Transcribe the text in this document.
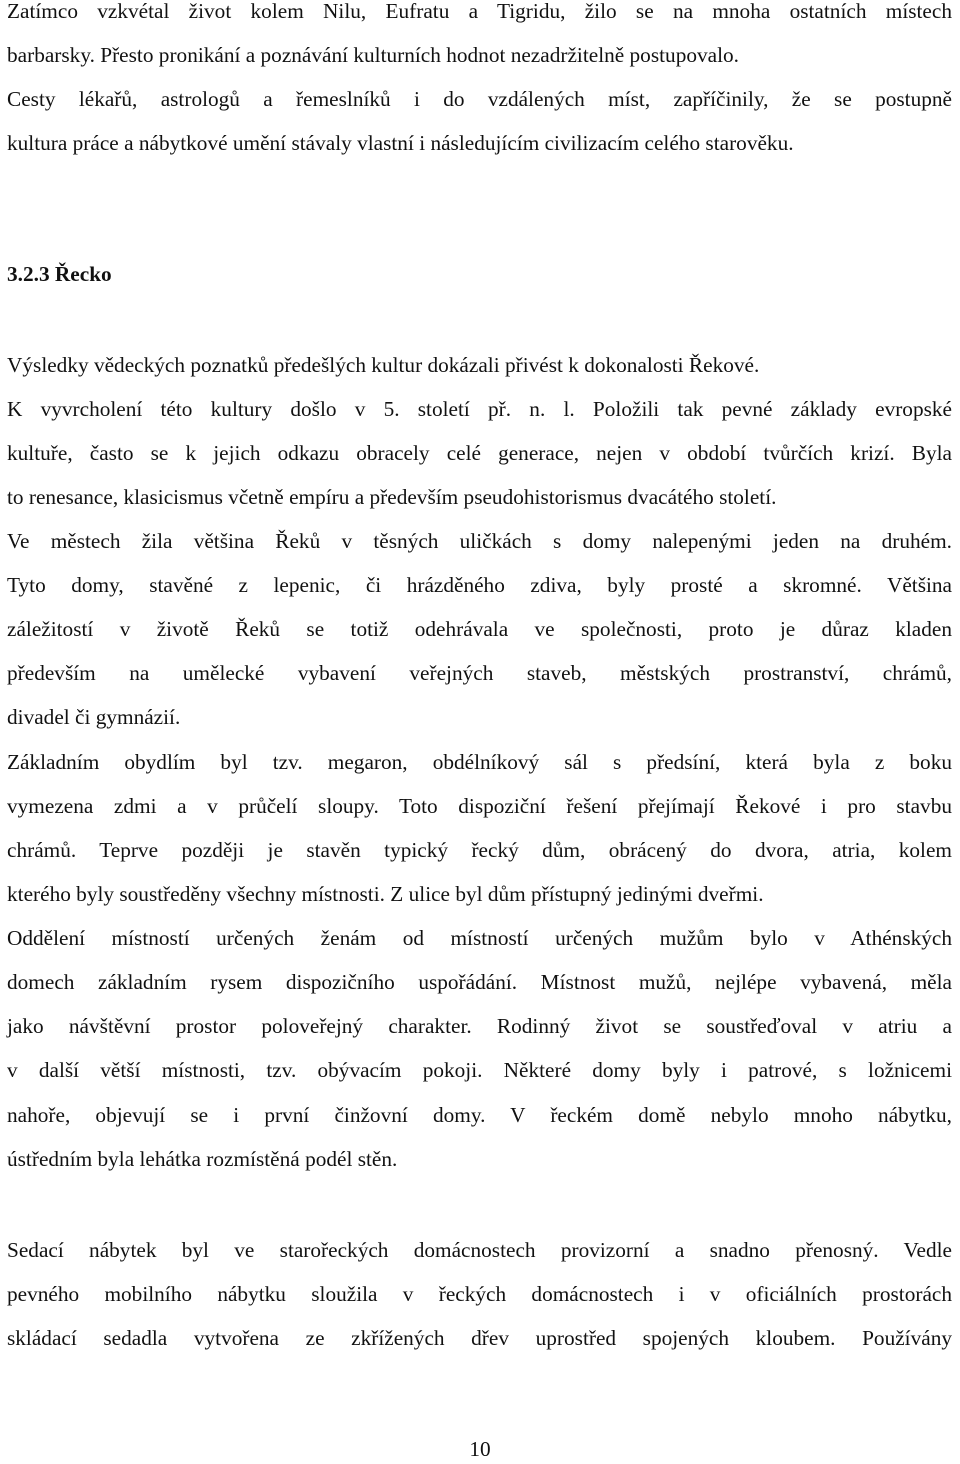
Zatímco vzkvétal život kolem Nilu, Eufratu a Tigridu, žilo se na mnoha ostatních místech
barbarsky. Přesto pronikání a poznávání kulturních hodnot nezadržitelně postupovalo.
Cesty lékařů, astrologů a řemeslníků i do vzdálených míst, zapříčinily, že se postupně
kultura práce a nábytkové umění stávaly vlastní i následujícím civilizacím celého starověku.
3.2.3 Řecko
Výsledky vědeckých poznatků předešlých kultur dokázali přivést k dokonalosti Řekové.
K vyvrcholení této kultury došlo v 5. století př. n. l. Položili tak pevné základy evropské
kultuře, často se k jejich odkazu obracely celé generace, nejen v období tvůrčích krizí. Byla
to renesance, klasicismus včetně empíru a především pseudohistorismus dvacátého století.
Ve městech žila většina Řeků v těsných uličkách s domy nalepenými jeden na druhém.
Tyto domy, stavěné z lepenic, či hrázděného zdiva, byly prosté a skromné. Většina
záležitostí v životě Řeků se totiž odehrávala ve společnosti, proto je důraz kladen
především na umělecké vybavení veřejných staveb, městských prostranství, chrámů,
divadel či gymnázií.
Základním obydlím byl tzv. megaron, obdélníkový sál s předsíní, která byla z boku
vymezena zdmi a v průčelí sloupy. Toto dispoziční řešení přejímají Řekové i pro stavbu
chrámů. Teprve později je stavěn typický řecký dům, obrácený do dvora, atria, kolem
kterého byly soustředěny všechny místnosti. Z ulice byl dům přístupný jedinými dveřmi.
Oddělení místností určených ženám od místností určených mužům bylo v Athénských
domech základním rysem dispozičního uspořádání. Místnost mužů, nejlépe vybavená, měla
jako návštěvní prostor poloveřejný charakter. Rodinný život se soustřeďoval v atriu a
v další větší místnosti, tzv. obývacím pokoji. Některé domy byly i patrové, s ložnicemi
nahoře, objevují se i první činžovní domy. V řeckém domě nebylo mnoho nábytku,
ústředním byla lehátka rozmístěná podél stěn.
Sedací nábytek byl ve starořeckých domácnostech provizorní a snadno přenosný. Vedle
pevného mobilního nábytku sloužila v řeckých domácnostech i v oficiálních prostorách
skládací sedadla vytvořena ze zkřížených dřev uprostřed spojených kloubem. Používány
10
